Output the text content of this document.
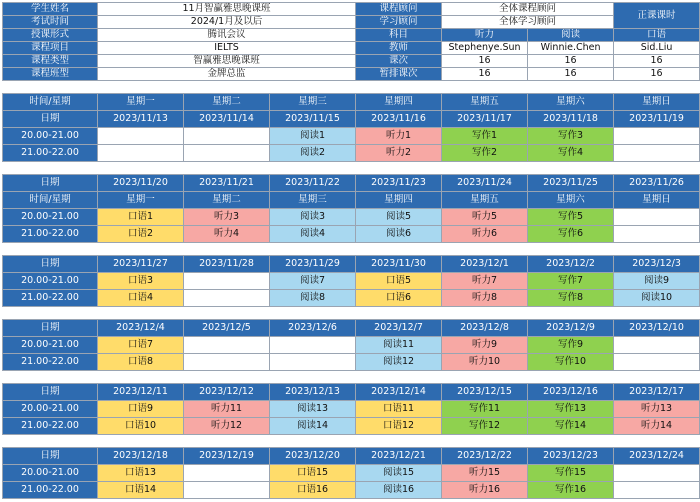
学生姓名	11月智赢雅思晚课班			课程顾问	全体课程顾问		正课课时	
考试时间	2024/1月及以后			学习顾问	全体学习顾问			
授课形式	腾讯会议			科目	听力	阅读	口语	
课程项目	IELTS			教师	Stephenye.Sun	Winnie.Chen	Sid.Liu	
课程类型	智赢雅思晚课班			课次	16	16	16	
课程班型	金牌总监			暂排课次	16	16	16	

时间/星期	星期一	星期二	星期三	星期四	星期五	星期六	星期日	
日期	2023/11/13	2023/11/14	2023/11/15	2023/11/16	2023/11/17	2023/11/18	2023/11/19	
20.00-21.00			阅读1	听力1	写作1	写作3		
21.00-22.00			阅读2	听力2	写作2	写作4		

日期	2023/11/20	2023/11/21	2023/11/22	2023/11/23	2023/11/24	2023/11/25	2023/11/26	
时间/星期	星期一	星期二	星期三	星期四	星期五	星期六	星期日	
20.00-21.00	口语1	听力3	阅读3	阅读5	听力5	写作5		
21.00-22.00	口语2	听力4	阅读4	阅读6	听力6	写作6		

日期	2023/11/27	2023/11/28	2023/11/29	2023/11/30	2023/12/1	2023/12/2	2023/12/3	
20.00-21.00	口语3		阅读7	口语5	听力7	写作7	阅读9	
21.00-22.00	口语4		阅读8	口语6	听力8	写作8	阅读10	

日期	2023/12/4	2023/12/5	2023/12/6	2023/12/7	2023/12/8	2023/12/9	2023/12/10	
20.00-21.00	口语7			阅读11	听力9	写作9		
21.00-22.00	口语8			阅读12	听力10	写作10		

日期	2023/12/11	2023/12/12	2023/12/13	2023/12/14	2023/12/15	2023/12/16	2023/12/17	
20.00-21.00	口语9	听力11	阅读13	口语11	写作11	写作13	听力13	
21.00-22.00	口语10	听力12	阅读14	口语12	写作12	写作14	听力14	

日期	2023/12/18	2023/12/19	2023/12/20	2023/12/21	2023/12/22	2023/12/23	2023/12/24	
20.00-21.00	口语13		口语15	阅读15	听力15	写作15		
21.00-22.00	口语14		口语16	阅读16	听力16	写作16		
